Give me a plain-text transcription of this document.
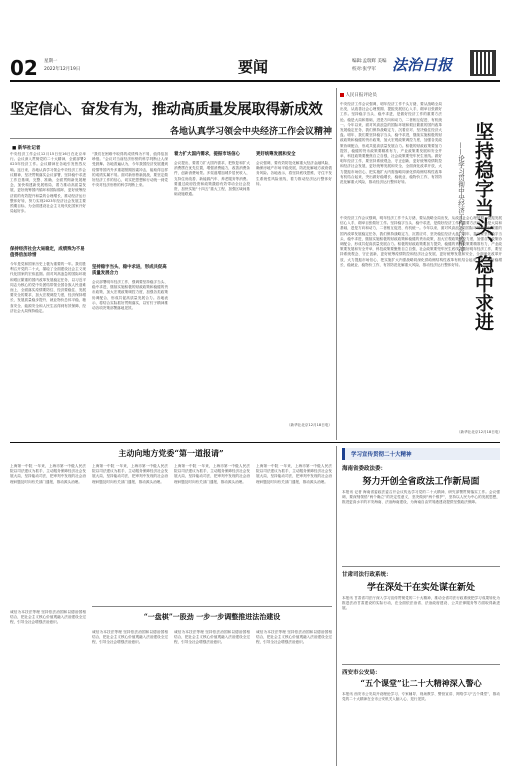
02 星期一
2022年12月19日	要闻	编辑:孟瑞辉 美编
校对:张学军 法治日报
坚定信心、奋发有为，推动高质量发展取得新成效
各地认真学习领会中央经济工作会议精神
■ 新华社记者
中央经济工作会议12月15日至16日在北京举行。会议深入贯彻党的二十大精神，全面部署2023年经济工作。会议精神在各地引发热烈反响。连日来，各地认真学习领会中央经济工作会议精神，坚决贯彻落实会议部署，坚持稳中求进工作总基调，完整、准确、全面贯彻新发展理念，加快构建新发展格局，着力推动高质量发展，更好统筹国内循环和国际循环，更好统筹经济质的有效提升和量的合理增长，推动经济运行整体好转，努力实现2023年经济社会发展主要预期目标，为全面建设社会主义现代化国家开好局起好步。
保持经济社会大局稳定，成绩殊为不易值得倍加珍惜
今年是党和国家历史上极为重要的一年。我们胜利召开党的二十大，描绘了全面建设社会主义现代化国家的宏伟蓝图。面对风高浪急的国际环境和艰巨繁重的国内改革发展稳定任务，以习近平同志为核心的党中央团结带领全国各族人民迎难而上，全面落实疫情要防住、经济要稳住、发展要安全的要求，加大宏观调控力度，经济保持增长，发展质量稳步提升，就业物价总体平稳，粮食安全、能源安全和人民生活得到有效保障，经济社会大局保持稳定。
“我们在困难中取得的成绩殊为不易，值得倍加珍惜。”会议对当前经济形势的科学判断让人深受鼓舞。各地普遍认为，今年我国经济发展遇到疫情等国内外多重超预期因素冲击，能取得这样的成绩实属不易。面对新形势新挑战，要坚定做好经济工作的信心，切实把思想和行动统一到党中央对经济形势的科学判断上来。
坚持稳字当头、稳中求进，形成共促高质量发展合力
会议部署明年经济工作，强调要坚持稳字当头、稳中求进，继续实施积极的财政政策和稳健的货币政策，加大宏观政策调控力度，加强各类政策协调配合，形成共促高质量发展合力。各地表示，将结合实际抓好贯彻落实，以钉钉子精神推动各项决策部署落地见效。
着力扩大国内需求，提振市场信心
会议提出，要着力扩大国内需求，把恢复和扩大消费摆在优先位置，增强消费能力，改善消费条件，创新消费场景。多渠道增加城乡居民收入，支持住房改善、新能源汽车、养老服务等消费。要通过政府投资和政策激励有效带动全社会投资，加快实施“十四五”重大工程，加强区域间基础设施联通。
更好统筹发展和安全
会议强调，要有效防范化解重大经济金融风险，确保房地产市场平稳发展，防范化解地方政府债务风险。各地表示，将坚持底线思维，守住不发生系统性风险底线，着力推动经济运行整体好转。
（新华社北京12月18日电）
人民日报评论员
中央经济工作会议强调，明年经济工作千头万绪，要从战略全局出发，从改善社会心理预期、提振发展信心入手，纲举目张做好工作。坚持稳字当头、稳中求进，是做好经济工作的重要方法论。稳是大局和基础，进是方向和动力，二者相互促进、有机统一。今年以来，面对风高浪急的国际环境和艰巨繁重的国内改革发展稳定任务，我们保持战略定力，沉着应对、坚决稳住经济大盘。明年，我们要坚持稳字当头、稳中求进，继续实施积极的财政政策和稳健的货币政策，加大宏观政策调控力度，加强各类政策协调配合，形成共促高质量发展合力。积极的财政政策要加力提效，稳健的货币政策要精准有力，产业政策要发展和安全并举，科技政策要聚焦自立自强，社会政策要兜牢民生底线。做好明年经济工作，要坚持系统观念、守正创新，更好统筹疫情防控和经济社会发展，更好统筹发展和安全，全面深化改革开放，大力提振市场信心，把实施扩大内需战略同深化供给侧结构性改革有机结合起来，突出做好稳增长、稳就业、稳物价工作，有效防范化解重大风险，推动经济运行整体好转。	坚持稳字当头、稳中求进
——论学习贯彻中央经济工作会议精神
中央经济工作会议强调，明年经济工作千头万绪，要从战略全局出发，从改善社会心理预期、提振发展信心入手，纲举目张做好工作。坚持稳字当头、稳中求进，是做好经济工作的重要方法论。稳是大局和基础，进是方向和动力，二者相互促进、有机统一。今年以来，面对风高浪急的国际环境和艰巨繁重的国内改革发展稳定任务，我们保持战略定力，沉着应对、坚决稳住经济大盘。明年，我们要坚持稳字当头、稳中求进，继续实施积极的财政政策和稳健的货币政策，加大宏观政策调控力度，加强各类政策协调配合，形成共促高质量发展合力。积极的财政政策要加力提效，稳健的货币政策要精准有力，产业政策要发展和安全并举，科技政策要聚焦自立自强，社会政策要兜牢民生底线。做好明年经济工作，要坚持系统观念、守正创新，更好统筹疫情防控和经济社会发展，更好统筹发展和安全，全面深化改革开放，大力提振市场信心，把实施扩大内需战略同深化供给侧结构性改革有机结合起来，突出做好稳增长、稳就业、稳物价工作，有效防范化解重大风险，推动经济运行整体好转。
（新华社北京12月18日电）
主动向地方党委“第一道报请”
上海第一中院 一年来，上海市第一中级人民法院以司法建议为抓手，主动服务保障经济社会发展大局，坚持能动司法，把审判中发现的社会治理问题及时向有关部门通报，推动源头治理。
上海第一中院 一年来，上海市第一中级人民法院以司法建议为抓手，主动服务保障经济社会发展大局，坚持能动司法，把审判中发现的社会治理问题及时向有关部门通报，推动源头治理。
上海第一中院 一年来，上海市第一中级人民法院以司法建议为抓手，主动服务保障经济社会发展大局，坚持能动司法，把审判中发现的社会治理问题及时向有关部门通报，推动源头治理。
上海第一中院 一年来，上海市第一中级人民法院以司法建议为抓手，主动服务保障经济社会发展大局，坚持能动司法，把审判中发现的社会治理问题及时向有关部门通报，推动源头治理。
“一盘棋”一股劲 一步一步调整推进法治建设
诚信为本扶法等理 坚持依法治国和以德治国相结合，把社会主义核心价值观融入法治建设全过程，引导全社会增强法治意识。
诚信为本扶法等理 坚持依法治国和以德治国相结合，把社会主义核心价值观融入法治建设全过程，引导全社会增强法治意识。
诚信为本扶法等理 坚持依法治国和以德治国相结合，把社会主义核心价值观融入法治建设全过程，引导全社会增强法治意识。
诚信为本扶法等理 坚持依法治国和以德治国相结合，把社会主义核心价值观融入法治建设全过程，引导全社会增强法治意识。
学习宣传贯彻二十大精神
海南省委政法委：
努力开创全省政法工作新局面
本报讯 记者 海南省委政法委召开会议传达学习党的二十大精神，研究部署贯彻落实工作。会议强调，要深刻领悟“两个确立”的决定性意义，坚决做到“两个维护”，坚持以人民为中心的发展思想，推进更高水平的平安海南、法治海南建设，为海南自由贸易港建设提供坚强政法保障。
甘肃司法行政系统：
学在深处干在实处谋在新处
本报讯 甘肃省司法厅深入学习宣传贯彻党的二十大精神，推动全省司法行政系统把学习成果转化为推进法治甘肃建设的实际行动，在全面依法治省、法治政府建设、公共法律服务等方面取得新进展。
西安市公安局：
“五个课堂”让二十大精神深入警心
本报讯 西安市公安局开设理论学习、专家辅导、现场教学、警营宣讲、网络学习“五个课堂”，推动党的二十大精神在全市公安机关入脑入心、见行见效。
